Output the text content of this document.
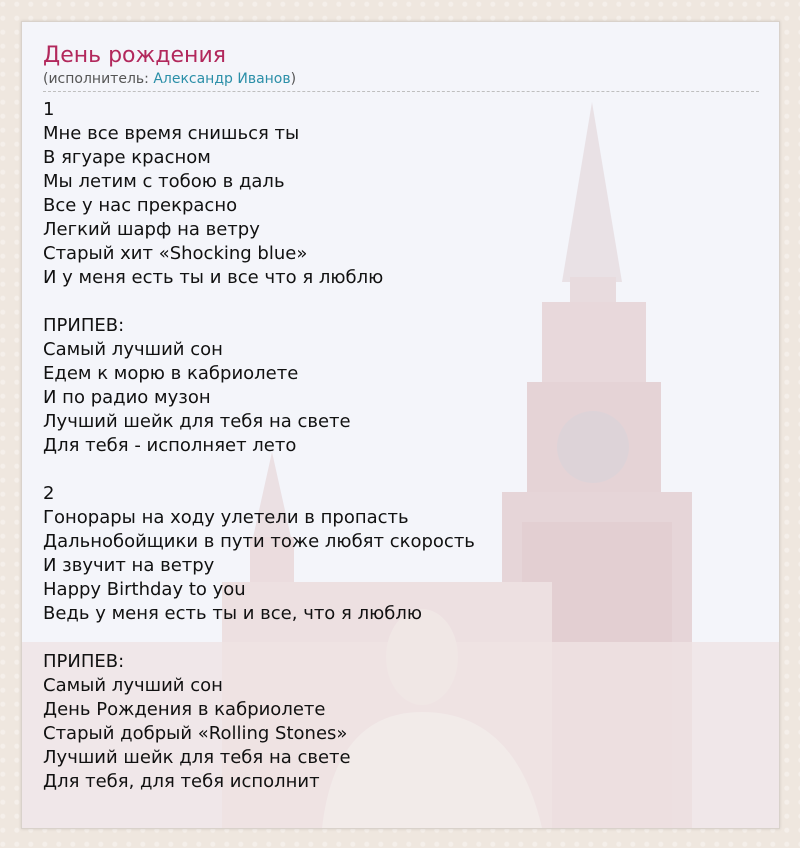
День рождения
(исполнитель: Александр Иванов)
1
Мне все время снишься ты
В ягуаре красном
Мы летим с тобою в даль
Все у нас прекрасно
Легкий шарф на ветру
Старый хит «Shocking blue»
И у меня есть ты и все что я люблю
ПРИПЕВ:
Самый лучший сон
Едем к морю в кабриолете
И по радио музон
Лучший шейк для тебя на свете
Для тебя - исполняет лето
2
Гонорары на ходу улетели в пропасть
Дальнобойщики в пути тоже любят скорость
И звучит на ветру
Happy Birthday to you
Ведь у меня есть ты и все, что я люблю
ПРИПЕВ:
Самый лучший сон
День Рождения в кабриолете
Старый добрый «Rolling Stones»
Лучший шейк для тебя на свете
Для тебя, для тебя исполнит
